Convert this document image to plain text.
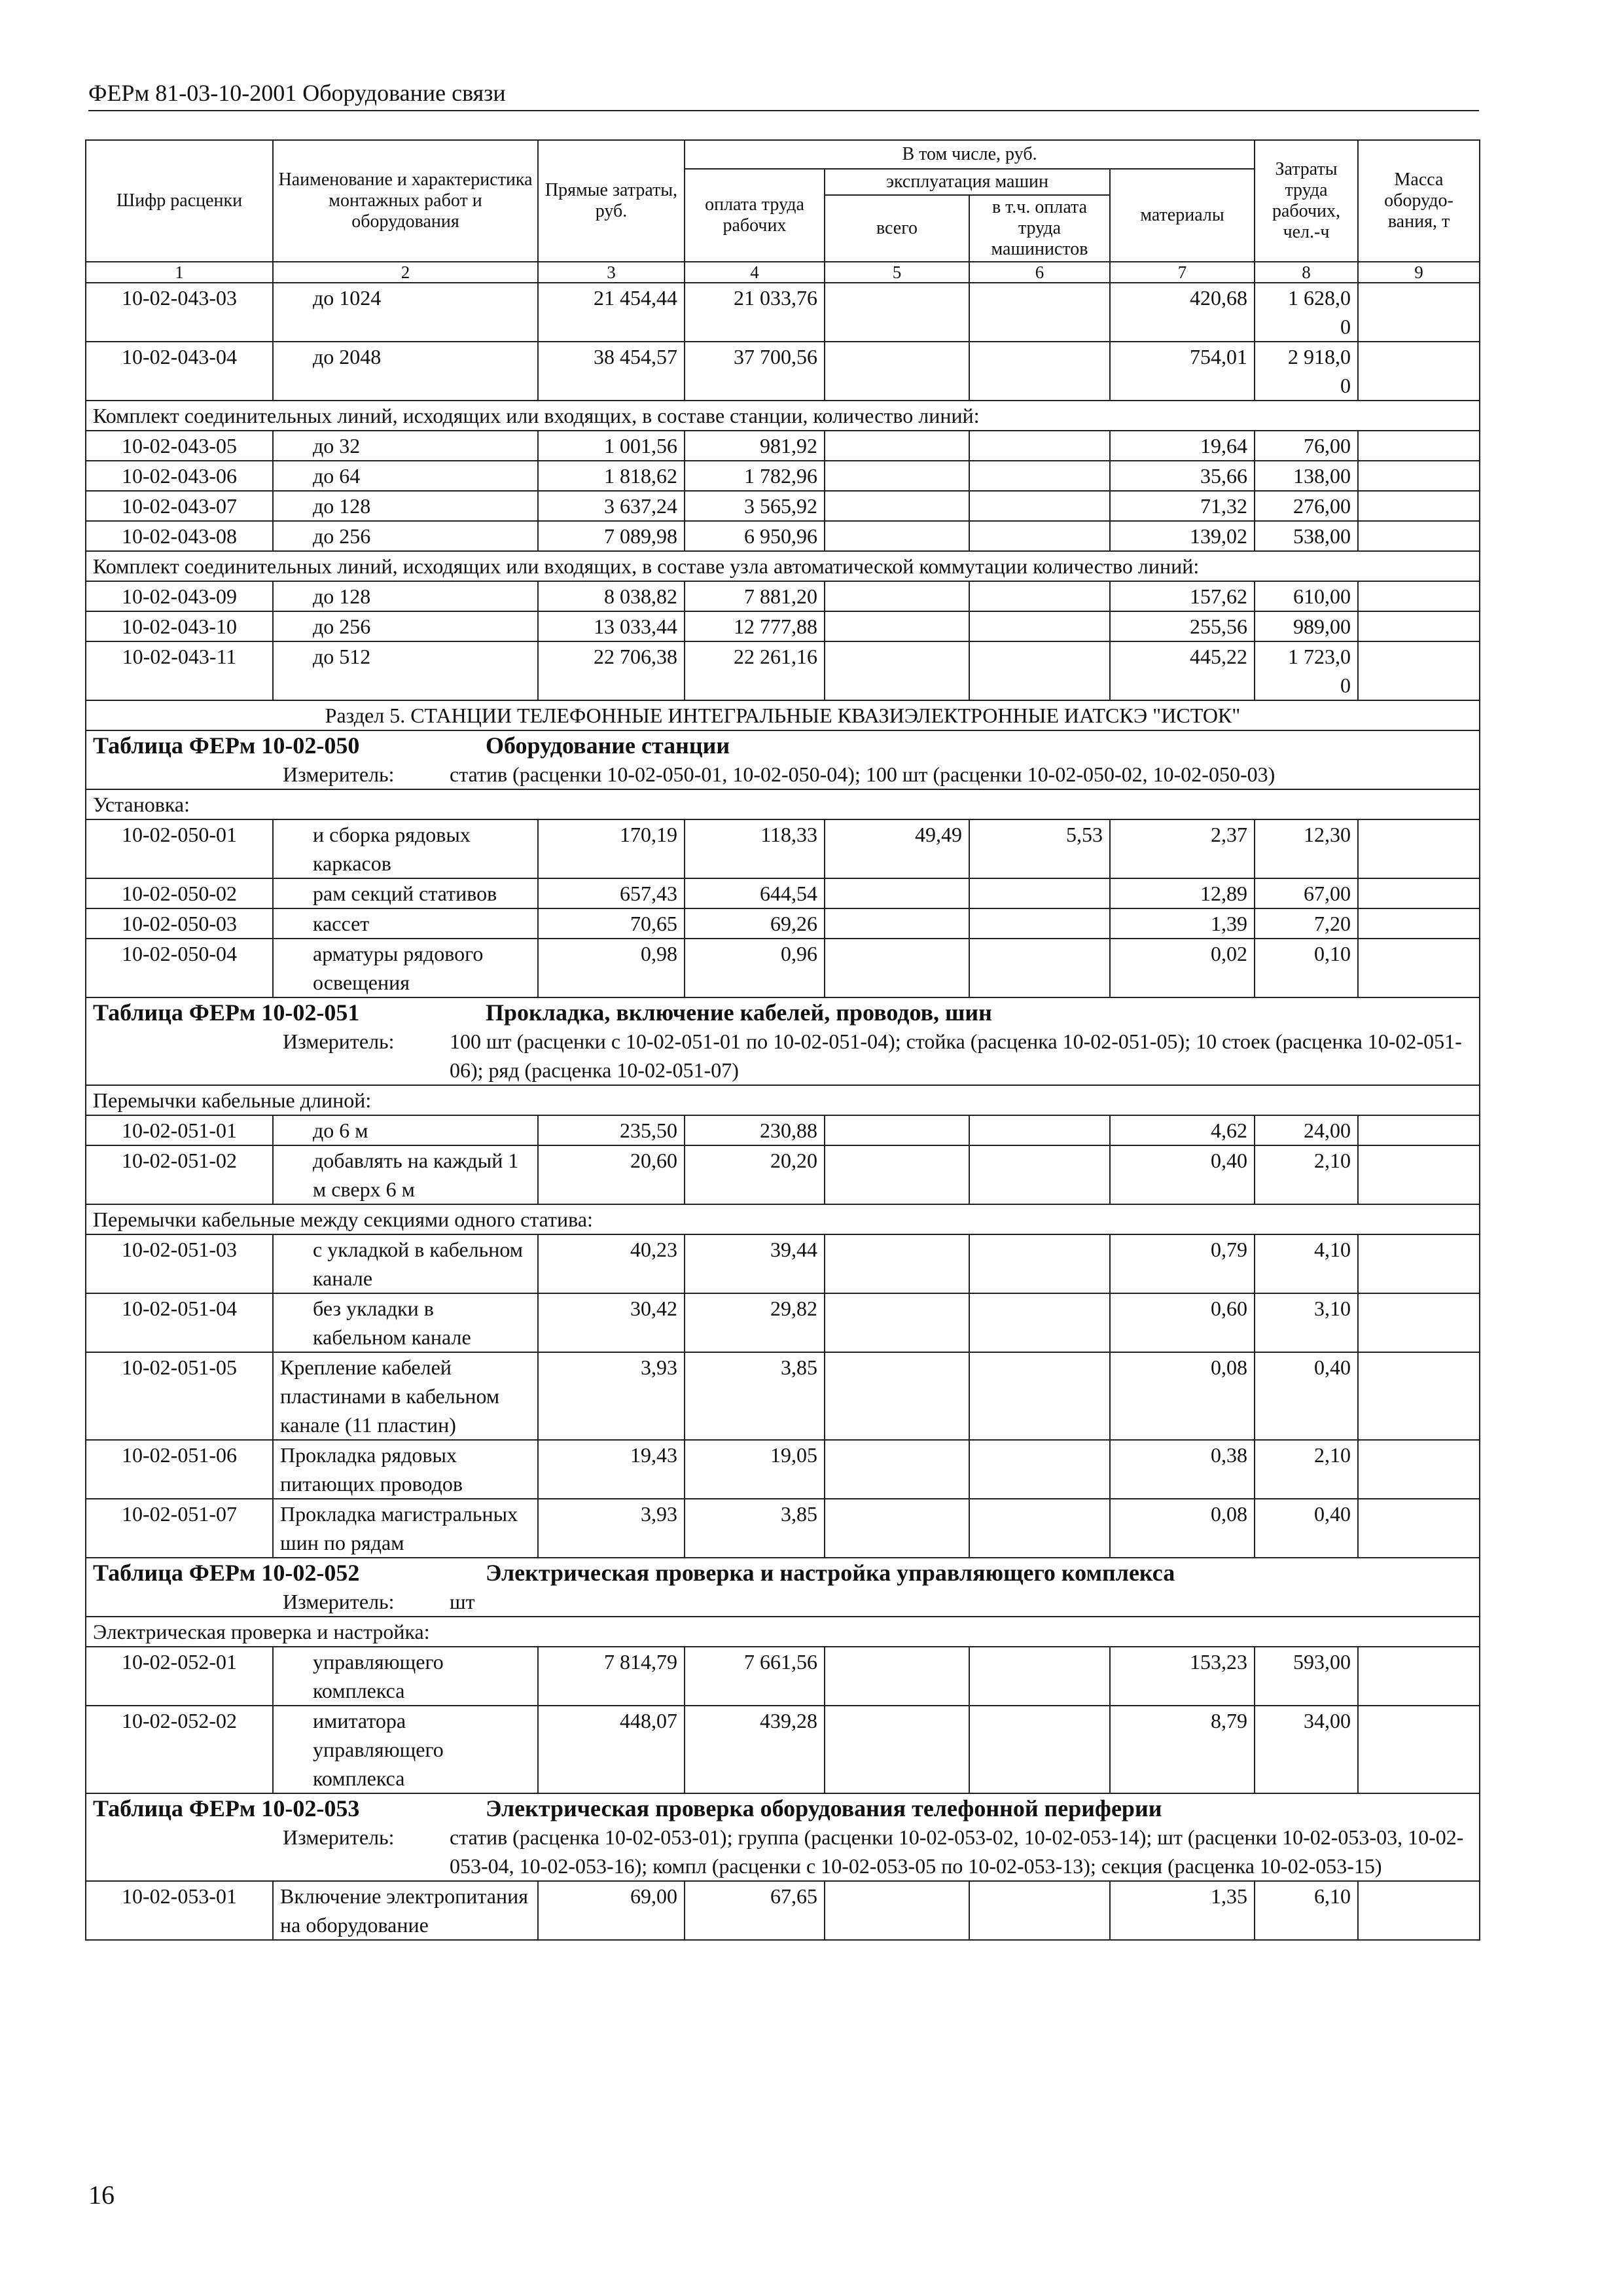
ФЕРм 81-03-10-2001 Оборудование связи
Шифр расценки	Наименование и характеристика монтажных работ и оборудования	Прямые затраты, руб.	В том числе, руб.				Затраты труда рабочих, чел.-ч	Масса оборудо- вания, т
			оплата труда рабочих	эксплуатация машин		материалы		
				всего	в т.ч. оплата труда машинистов			
1	2	3	4	5	6	7	8	9
10-02-043-03	до 1024	21 454,44	21 033,76			420,68	1 628,0
0	
10-02-043-04	до 2048	38 454,57	37 700,56			754,01	2 918,0
0	
Комплект соединительных линий, исходящих или входящих, в составе станции, количество линий:								
10-02-043-05	до 32	1 001,56	981,92			19,64	76,00	
10-02-043-06	до 64	1 818,62	1 782,96			35,66	138,00	
10-02-043-07	до 128	3 637,24	3 565,92			71,32	276,00	
10-02-043-08	до 256	7 089,98	6 950,96			139,02	538,00	
Комплект соединительных линий, исходящих или входящих, в составе узла автоматической коммутации количество линий:								
10-02-043-09	до 128	8 038,82	7 881,20			157,62	610,00	
10-02-043-10	до 256	13 033,44	12 777,88			255,56	989,00	
10-02-043-11	до 512	22 706,38	22 261,16			445,22	1 723,0
0	
Раздел 5. СТАНЦИИ ТЕЛЕФОННЫЕ ИНТЕГРАЛЬНЫЕ КВАЗИЭЛЕКТРОННЫЕ ИАТСКЭ "ИСТОК"								

Таблица ФЕРм 10-02-050 Оборудование станции
Измеритель: статив (расценки 10-02-050-01, 10-02-050-04); 100 шт (расценки 10-02-050-02, 10-02-050-03)								

Установка:								
10-02-050-01	и сборка рядовых каркасов	170,19	118,33	49,49	5,53	2,37	12,30	
10-02-050-02	рам секций стативов	657,43	644,54			12,89	67,00	
10-02-050-03	кассет	70,65	69,26			1,39	7,20	
10-02-050-04	арматуры рядового освещения	0,98	0,96			0,02	0,10	

Таблица ФЕРм 10-02-051 Прокладка, включение кабелей, проводов, шин
Измеритель: 100 шт (расценки с 10-02-051-01 по 10-02-051-04); стойка (расценка 10-02-051-05); 10 стоек (расценка 10-02-051-06); ряд (расценка 10-02-051-07)								

Перемычки кабельные длиной:								
10-02-051-01	до 6 м	235,50	230,88			4,62	24,00	
10-02-051-02	добавлять на каждый 1 м сверх 6 м	20,60	20,20			0,40	2,10	
Перемычки кабельные между секциями одного статива:								
10-02-051-03	с укладкой в кабельном канале	40,23	39,44			0,79	4,10	
10-02-051-04	без укладки в кабельном канале	30,42	29,82			0,60	3,10	
10-02-051-05	Крепление кабелей пластинами в кабельном канале (11 пластин)	3,93	3,85			0,08	0,40	
10-02-051-06	Прокладка рядовых питающих проводов	19,43	19,05			0,38	2,10	
10-02-051-07	Прокладка магистральных шин по рядам	3,93	3,85			0,08	0,40	

Таблица ФЕРм 10-02-052 Электрическая проверка и настройка управляющего комплекса
Измеритель: шт								

Электрическая проверка и настройка:								
10-02-052-01	управляющего комплекса	7 814,79	7 661,56			153,23	593,00	
10-02-052-02	имитатора управляющего комплекса	448,07	439,28			8,79	34,00	

Таблица ФЕРм 10-02-053 Электрическая проверка оборудования телефонной периферии
Измеритель: статив (расценка 10-02-053-01); группа (расценки 10-02-053-02, 10-02-053-14); шт (расценки 10-02-053-03, 10-02-053-04, 10-02-053-16); компл (расценки с 10-02-053-05 по 10-02-053-13); секция (расценка 10-02-053-15)								

10-02-053-01	Включение электропитания на оборудование	69,00	67,65			1,35	6,10	
16
